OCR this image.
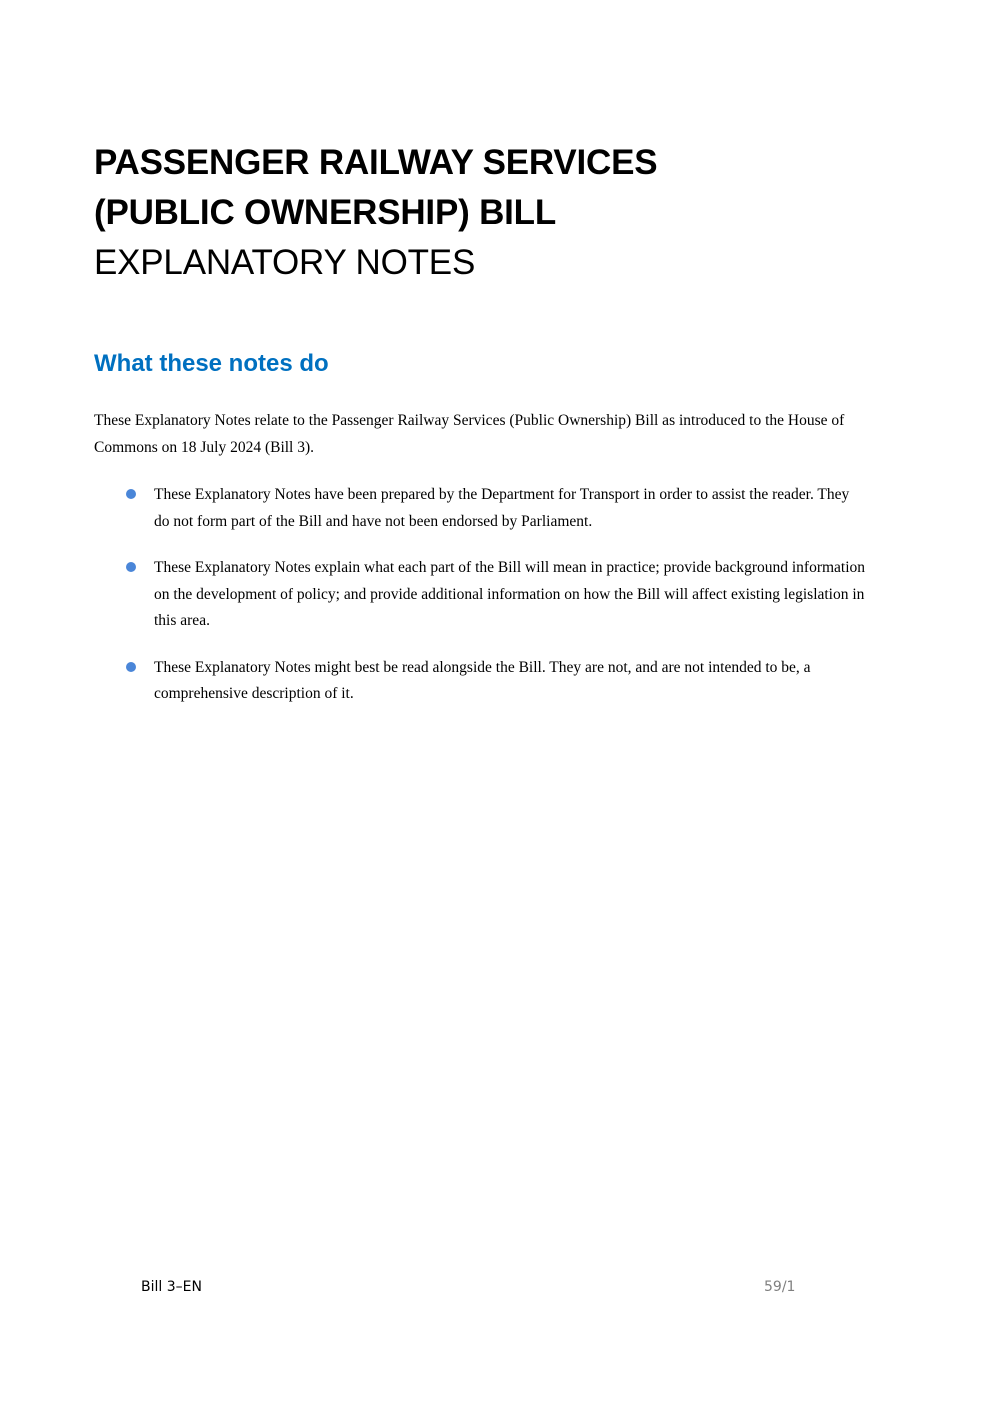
PASSENGER RAILWAY SERVICES
(PUBLIC OWNERSHIP) BILL
EXPLANATORY NOTES
What these notes do

These Explanatory Notes relate to the Passenger Railway Services (Public Ownership) Bill as introduced to the House of Commons on 18 July 2024 (Bill 3).

These Explanatory Notes have been prepared by the Department for Transport in order to assist the reader. They do not form part of the Bill and have not been endorsed by Parliament.
These Explanatory Notes explain what each part of the Bill will mean in practice; provide background information on the development of policy; and provide additional information on how the Bill will affect existing legislation in this area.
These Explanatory Notes might best be read alongside the Bill. They are not, and are not intended to be, a comprehensive description of it.
Bill 3–EN	59/1
